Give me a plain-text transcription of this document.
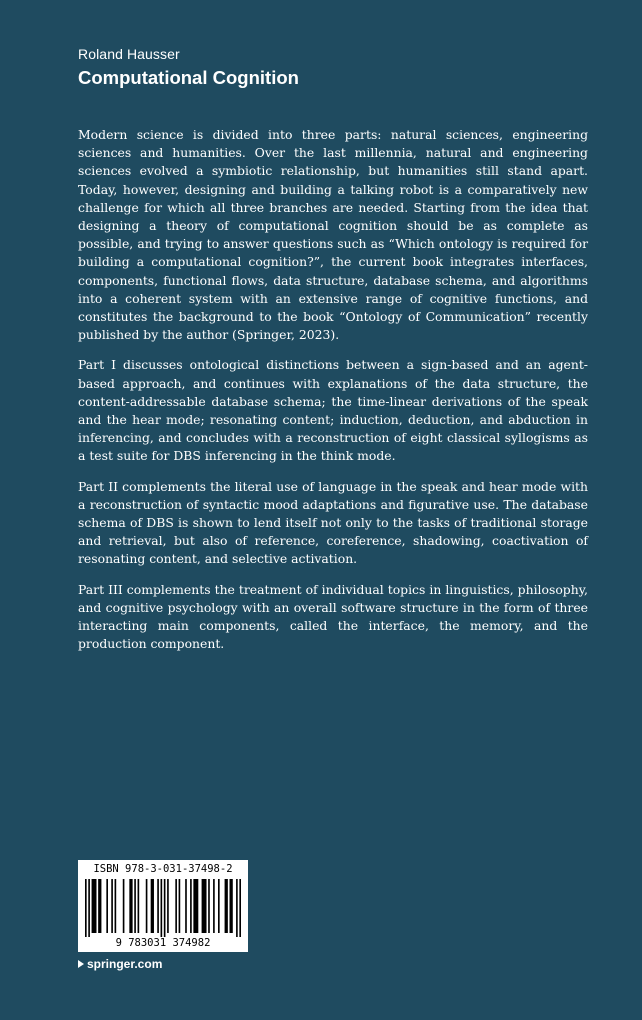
Roland Hausser
Computational Cognition

Modern science is divided into three parts: natural sciences, engineering sciences and humanities. Over the last millennia, natural and engineering sciences evolved a symbiotic relationship, but humanities still stand apart. Today, however, designing and building a talking robot is a comparatively new challenge for which all three branches are needed. Starting from the idea that designing a theory of computational cognition should be as complete as possible, and trying to answer questions such as “Which ontology is required for building a computational cognition?”, the current book integrates interfaces, components, functional flows, data structure, database schema, and algorithms into a coherent system with an extensive range of cognitive functions, and constitutes the background to the book “Ontology of Communication” recently published by the author (Springer, 2023).

Part I discusses ontological distinctions between a sign-based and an agent-based approach, and continues with explanations of the data structure, the content-addressable database schema; the time-linear derivations of the speak and the hear mode; resonating content; induction, deduction, and abduction in inferencing, and concludes with a reconstruction of eight classical syllogisms as a test suite for DBS inferencing in the think mode.

Part II complements the literal use of language in the speak and hear mode with a reconstruction of syntactic mood adaptations and figurative use. The database schema of DBS is shown to lend itself not only to the tasks of traditional storage and retrieval, but also of reference, coreference, shadowing, coactivation of resonating content, and selective activation.

Part III complements the treatment of individual topics in linguistics, philosophy, and cognitive psychology with an overall software structure in the form of three interacting main components, called the interface, the memory, and the production component.

ISBN 978-3-031-37498-2
9 783031 374982
springer.com
